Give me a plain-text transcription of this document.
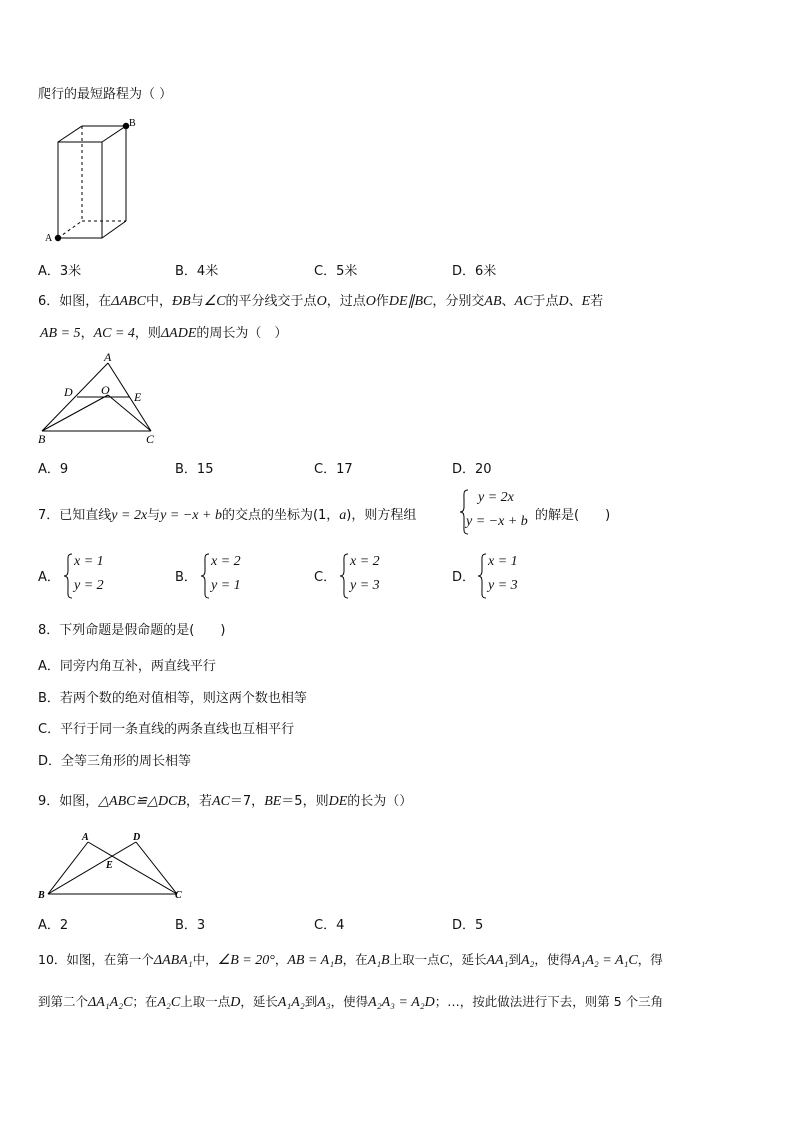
爬行的最短路程为（ ）
B
A
A．3米	B．4米	C．5米	D．6米
6．如图，在ΔABC中，ÐB与∠C的平分线交于点O，过点O作DE∥BC，分别交AB、AC于点D、E若
AB = 5，AC = 4，则ΔADE的周长为（　）
A
D O E
B	C
A．9	B．15	C．17	D．20
7．已知直线y = 2x与y = −x + b的交点的坐标为(1，a)，则方程组
y = 2x
y = −x + b 的解是(　　)
A．
x = 1
y = 2
B．
x = 2
y = 1
C．
x = 2
y = 3
D．
x = 1
y = 3
8．下列命题是假命题的是(　　)
A．同旁内角互补，两直线平行
B．若两个数的绝对值相等，则这两个数也相等
C．平行于同一条直线的两条直线也互相平行
D．全等三角形的周长相等
9．如图，△ABC≌△DCB，若AC＝7，BE＝5，则DE的长为（）
A	D
E
B	C
A．2	B．3	C．4	D．5
10．如图，在第一个ΔABA₁中，∠B = 20°，AB = A₁B，在A₁B上取一点C，延长AA₁到A₂，使得A₁A₂ = A₁C，得
到第二个ΔA₁A₂C；在A₂C上取一点D，延长A₁A₂到A₃，使得A₂A₃ = A₂D；…，按此做法进行下去，则第 5 个三角
